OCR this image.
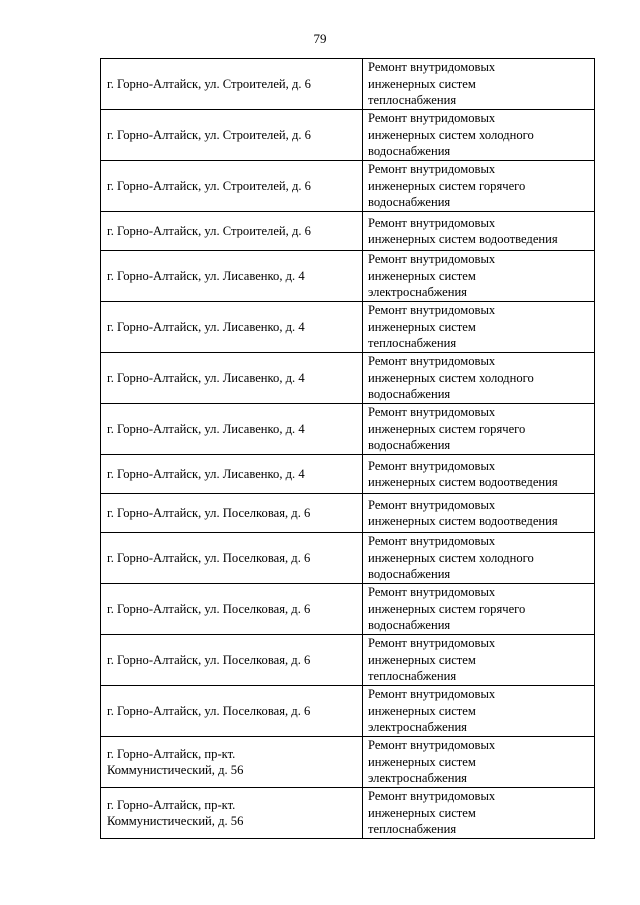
79
г. Горно-Алтайск, ул. Строителей, д. 6	Ремонт внутридомовых
инженерных систем
теплоснабжения

г. Горно-Алтайск, ул. Строителей, д. 6	Ремонт внутридомовых
инженерных систем холодного
водоснабжения

г. Горно-Алтайск, ул. Строителей, д. 6	Ремонт внутридомовых
инженерных систем горячего
водоснабжения

г. Горно-Алтайск, ул. Строителей, д. 6	Ремонт внутридомовых
инженерных систем водоотведения

г. Горно-Алтайск, ул. Лисавенко, д. 4	Ремонт внутридомовых
инженерных систем
электроснабжения

г. Горно-Алтайск, ул. Лисавенко, д. 4	Ремонт внутридомовых
инженерных систем
теплоснабжения

г. Горно-Алтайск, ул. Лисавенко, д. 4	Ремонт внутридомовых
инженерных систем холодного
водоснабжения

г. Горно-Алтайск, ул. Лисавенко, д. 4	Ремонт внутридомовых
инженерных систем горячего
водоснабжения

г. Горно-Алтайск, ул. Лисавенко, д. 4	Ремонт внутридомовых
инженерных систем водоотведения

г. Горно-Алтайск, ул. Поселковая, д. 6	Ремонт внутридомовых
инженерных систем водоотведения

г. Горно-Алтайск, ул. Поселковая, д. 6	Ремонт внутридомовых
инженерных систем холодного
водоснабжения

г. Горно-Алтайск, ул. Поселковая, д. 6	Ремонт внутридомовых
инженерных систем горячего
водоснабжения

г. Горно-Алтайск, ул. Поселковая, д. 6	Ремонт внутридомовых
инженерных систем
теплоснабжения

г. Горно-Алтайск, ул. Поселковая, д. 6	Ремонт внутридомовых
инженерных систем
электроснабжения

г. Горно-Алтайск, пр-кт.
Коммунистический, д. 56	Ремонт внутридомовых
инженерных систем
электроснабжения

г. Горно-Алтайск, пр-кт.
Коммунистический, д. 56	Ремонт внутридомовых
инженерных систем
теплоснабжения
